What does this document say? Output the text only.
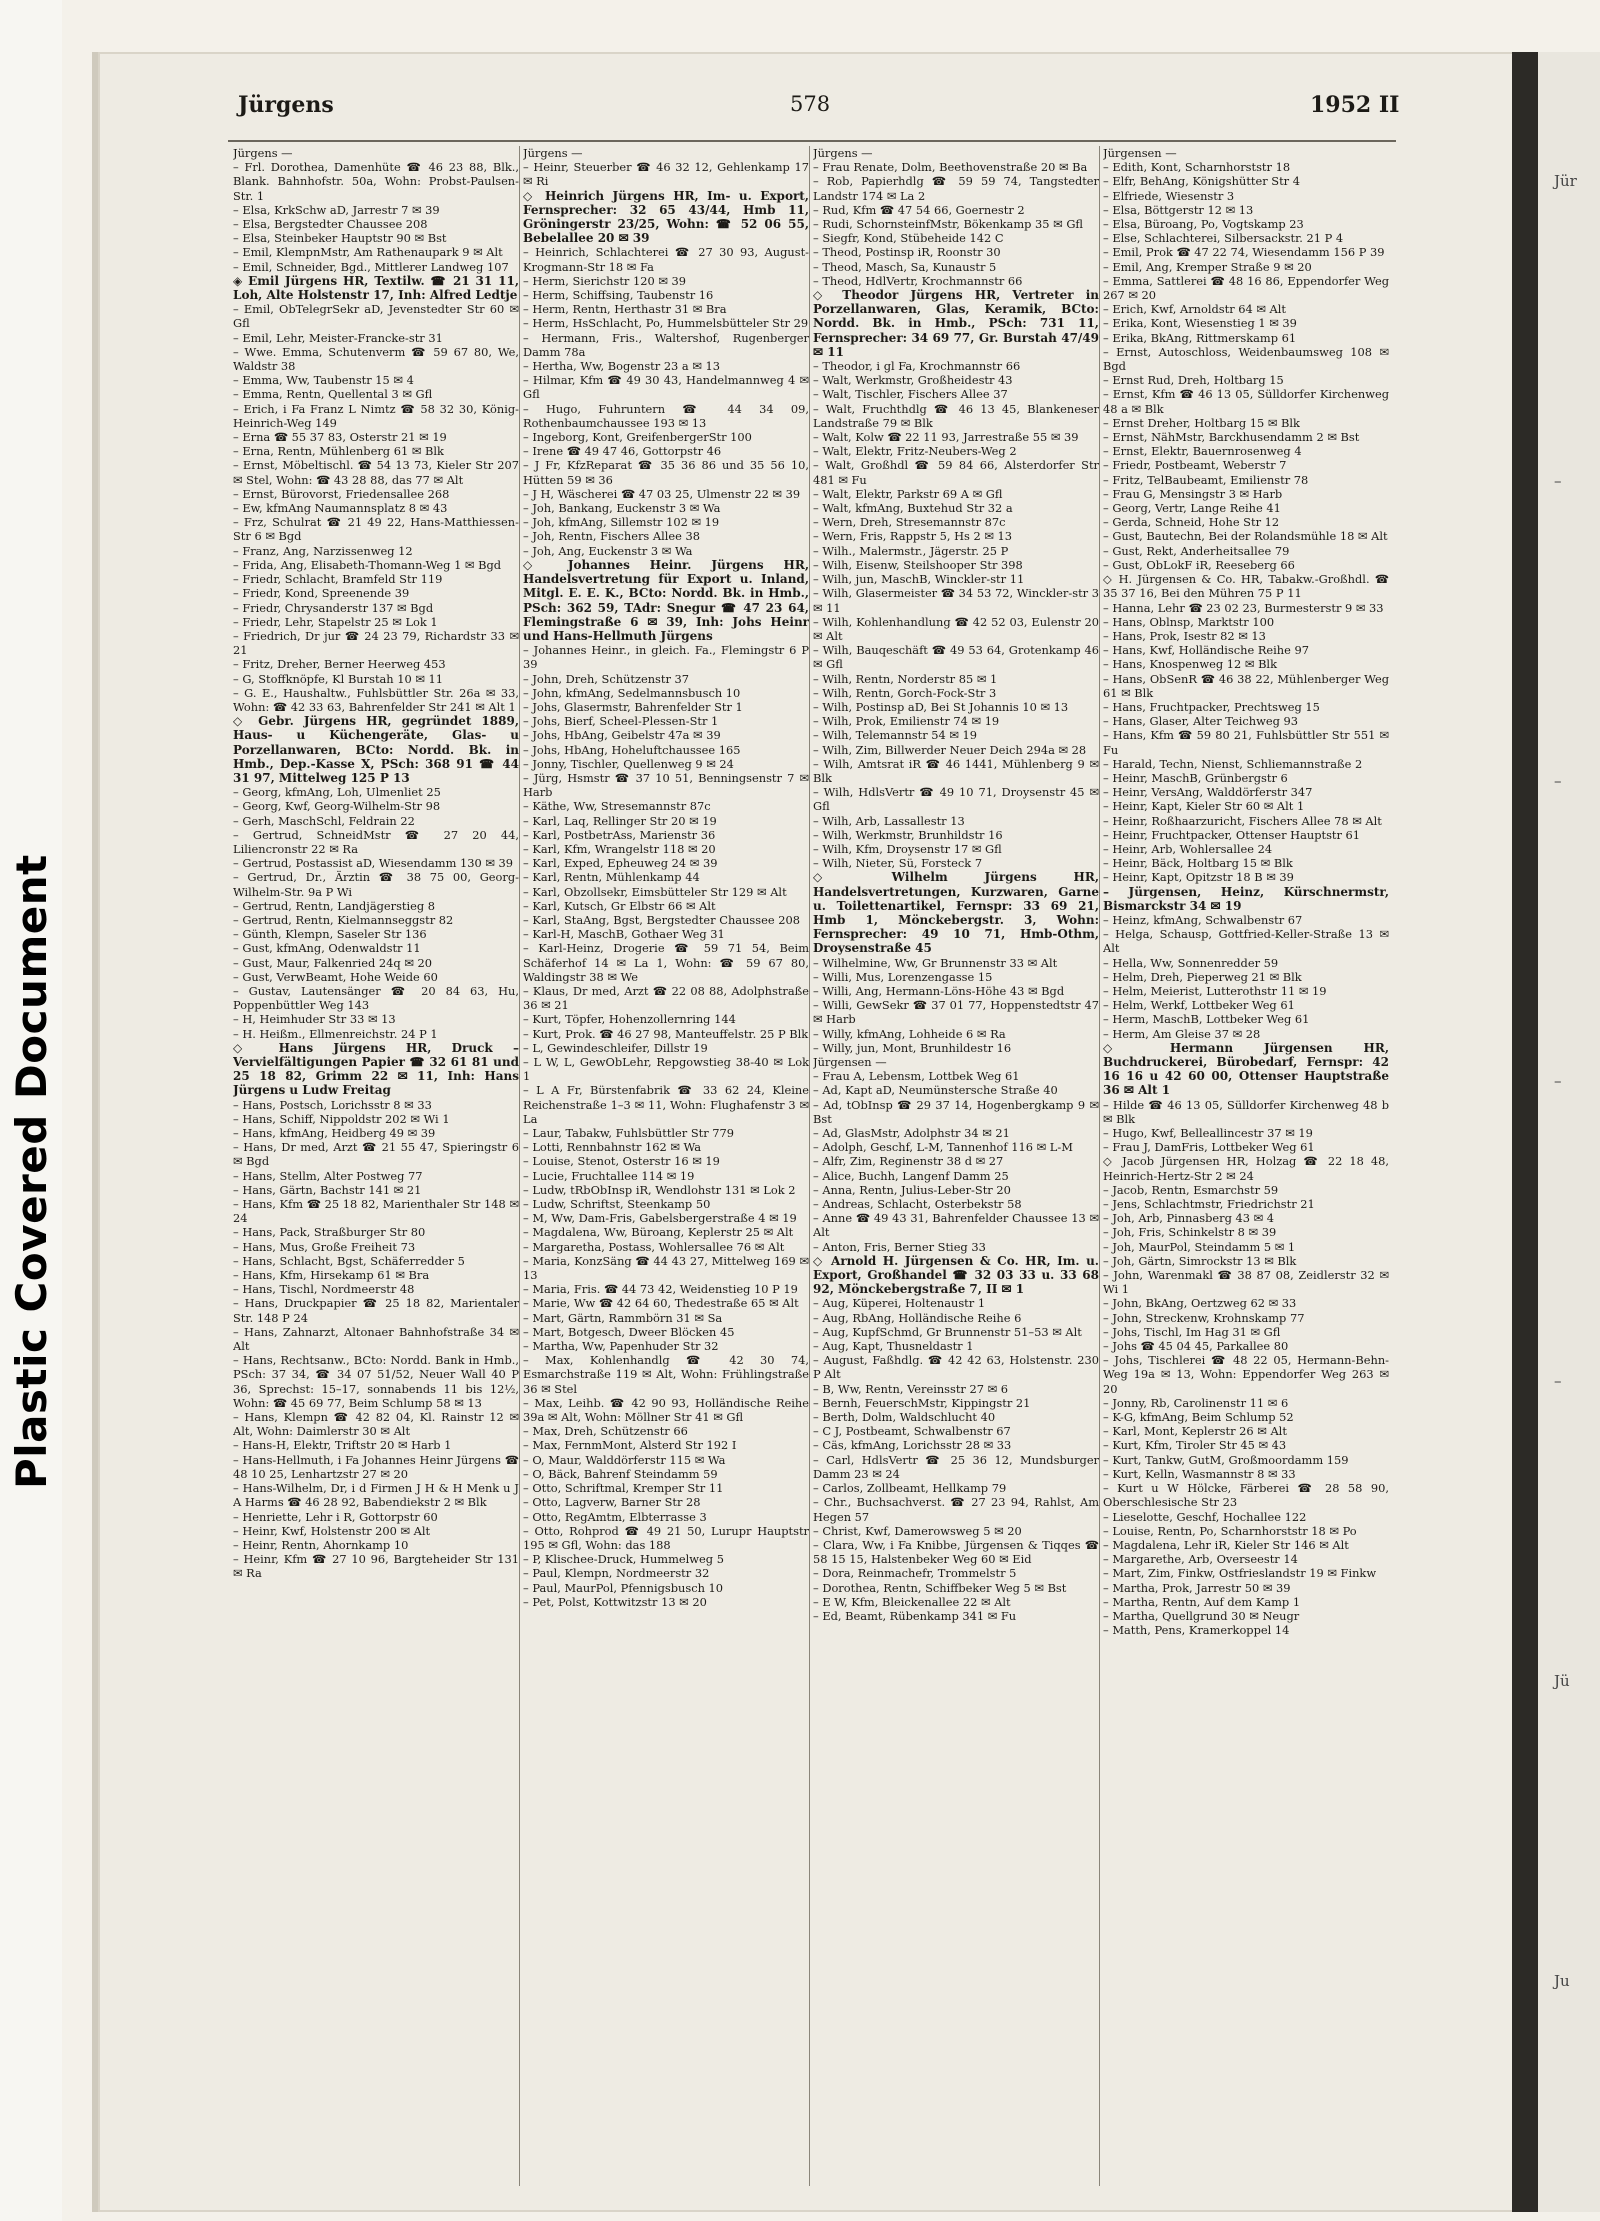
Plastic Covered Document
Jür
–
–
–
–
Jü
Ju
Jürgens	578	1952 II
Jürgens —
– Frl. Dorothea, Damenhüte ☎ 46 23 88, Blk., Blank. Bahnhofstr. 50a, Wohn: Probst-Paulsen-Str. 1
– Elsa, KrkSchw aD, Jarrestr 7 ✉ 39
– Elsa, Bergstedter Chaussee 208
– Elsa, Steinbeker Hauptstr 90 ✉ Bst
– Emil, KlempnMstr, Am Rathenaupark 9 ✉ Alt
– Emil, Schneider, Bgd., Mittlerer Landweg 107
◈ Emil Jürgens HR, Textilw. ☎ 21 31 11, Loh, Alte Holstenstr 17, Inh: Alfred Ledtje
– Emil, ObTelegrSekr aD, Jevenstedter Str 60 ✉ Gfl
– Emil, Lehr, Meister-Francke-str 31
– Wwe. Emma, Schutenverm ☎ 59 67 80, We, Waldstr 38
– Emma, Ww, Taubenstr 15 ✉ 4
– Emma, Rentn, Quellental 3 ✉ Gfl
– Erich, i Fa Franz L Nimtz ☎ 58 32 30, König-Heinrich-Weg 149
– Erna ☎ 55 37 83, Osterstr 21 ✉ 19
– Erna, Rentn, Mühlenberg 61 ✉ Blk
– Ernst, Möbeltischl. ☎ 54 13 73, Kieler Str 207 ✉ Stel, Wohn: ☎ 43 28 88, das 77 ✉ Alt
– Ernst, Bürovorst, Friedensallee 268
– Ew, kfmAng Naumannsplatz 8 ✉ 43
– Frz, Schulrat ☎ 21 49 22, Hans-Matthiessen-Str 6 ✉ Bgd
– Franz, Ang, Narzissenweg 12
– Frida, Ang, Elisabeth-Thomann-Weg 1 ✉ Bgd
– Friedr, Schlacht, Bramfeld Str 119
– Friedr, Kond, Spreenende 39
– Friedr, Chrysanderstr 137 ✉ Bgd
– Friedr, Lehr, Stapelstr 25 ✉ Lok 1
– Friedrich, Dr jur ☎ 24 23 79, Richardstr 33 ✉ 21
– Fritz, Dreher, Berner Heerweg 453
– G, Stoffknöpfe, Kl Burstah 10 ✉ 11
– G. E., Haushaltw., Fuhlsbüttler Str. 26a ✉ 33, Wohn: ☎ 42 33 63, Bahrenfelder Str 241 ✉ Alt 1
◇ Gebr. Jürgens HR, gegründet 1889, Haus- u Küchengeräte, Glas- u Porzellanwaren, BCto: Nordd. Bk. in Hmb., Dep.-Kasse X, PSch: 368 91 ☎ 44 31 97, Mittelweg 125 P 13
– Georg, kfmAng, Loh, Ulmenliet 25
– Georg, Kwf, Georg-Wilhelm-Str 98
– Gerh, MaschSchl, Feldrain 22
– Gertrud, SchneidMstr ☎ 27 20 44, Liliencronstr 22 ✉ Ra
– Gertrud, Postassist aD, Wiesendamm 130 ✉ 39
– Gertrud, Dr., Ärztin ☎ 38 75 00, Georg-Wilhelm-Str. 9a P Wi
– Gertrud, Rentn, Landjägerstieg 8
– Gertrud, Rentn, Kielmannseggstr 82
– Günth, Klempn, Saseler Str 136
– Gust, kfmAng, Odenwaldstr 11
– Gust, Maur, Falkenried 24q ✉ 20
– Gust, VerwBeamt, Hohe Weide 60
– Gustav, Lautensänger ☎ 20 84 63, Hu, Poppenbüttler Weg 143
– H, Heimhuder Str 33 ✉ 13
– H. Heißm., Ellmenreichstr. 24 P 1
◇ Hans Jürgens HR, Druck – Vervielfältigungen Papier ☎ 32 61 81 und 25 18 82, Grimm 22 ✉ 11, Inh: Hans Jürgens u Ludw Freitag
– Hans, Postsch, Lorichsstr 8 ✉ 33
– Hans, Schiff, Nippoldstr 202 ✉ Wi 1
– Hans, kfmAng, Heidberg 49 ✉ 39
– Hans, Dr med, Arzt ☎ 21 55 47, Spieringstr 6 ✉ Bgd
– Hans, Stellm, Alter Postweg 77
– Hans, Gärtn, Bachstr 141 ✉ 21
– Hans, Kfm ☎ 25 18 82, Marienthaler Str 148 ✉ 24
– Hans, Pack, Straßburger Str 80
– Hans, Mus, Große Freiheit 73
– Hans, Schlacht, Bgst, Schäferredder 5
– Hans, Kfm, Hirsekamp 61 ✉ Bra
– Hans, Tischl, Nordmeerstr 48
– Hans, Druckpapier ☎ 25 18 82, Marientaler Str. 148 P 24
– Hans, Zahnarzt, Altonaer Bahnhofstraße 34 ✉ Alt
– Hans, Rechtsanw., BCto: Nordd. Bank in Hmb., PSch: 37 34, ☎ 34 07 51/52, Neuer Wall 40 P 36, Sprechst: 15–17, sonnabends 11 bis 12½, Wohn: ☎ 45 69 77, Beim Schlump 58 ✉ 13
– Hans, Klempn ☎ 42 82 04, Kl. Rainstr 12 ✉ Alt, Wohn: Daimlerstr 30 ✉ Alt
– Hans-H, Elektr, Triftstr 20 ✉ Harb 1
– Hans-Hellmuth, i Fa Johannes Heinr Jürgens ☎ 48 10 25, Lenhartzstr 27 ✉ 20
– Hans-Wilhelm, Dr, i d Firmen J H & H Menk u J A Harms ☎ 46 28 92, Babendiekstr 2 ✉ Blk
– Henriette, Lehr i R, Gottorpstr 60
– Heinr, Kwf, Holstenstr 200 ✉ Alt
– Heinr, Rentn, Ahornkamp 10
– Heinr, Kfm ☎ 27 10 96, Bargteheider Str 131 ✉ Ra
Jürgens —
– Heinr, Steuerber ☎ 46 32 12, Gehlenkamp 17 ✉ Ri
◇ Heinrich Jürgens HR, Im- u. Export, Fernsprecher: 32 65 43/44, Hmb 11, Gröningerstr 23/25, Wohn: ☎ 52 06 55, Bebelallee 20 ✉ 39
– Heinrich, Schlachterei ☎ 27 30 93, August-Krogmann-Str 18 ✉ Fa
– Herm, Sierichstr 120 ✉ 39
– Herm, Schiffsing, Taubenstr 16
– Herm, Rentn, Herthastr 31 ✉ Bra
– Herm, HsSchlacht, Po, Hummelsbütteler Str 29
– Hermann, Fris., Waltershof, Rugenberger Damm 78a
– Hertha, Ww, Bogenstr 23 a ✉ 13
– Hilmar, Kfm ☎ 49 30 43, Handelmannweg 4 ✉ Gfl
– Hugo, Fuhruntern ☎ 44 34 09, Rothenbaumchaussee 193 ✉ 13
– Ingeborg, Kont, GreifenbergerStr 100
– Irene ☎ 49 47 46, Gottorpstr 46
– J Fr, KfzReparat ☎ 35 36 86 und 35 56 10, Hütten 59 ✉ 36
– J H, Wäscherei ☎ 47 03 25, Ulmenstr 22 ✉ 39
– Joh, Bankang, Euckenstr 3 ✉ Wa
– Joh, kfmAng, Sillemstr 102 ✉ 19
– Joh, Rentn, Fischers Allee 38
– Joh, Ang, Euckenstr 3 ✉ Wa
◇ Johannes Heinr. Jürgens HR, Handelsvertretung für Export u. Inland, Mitgl. E. E. K., BCto: Nordd. Bk. in Hmb., PSch: 362 59, TAdr: Snegur ☎ 47 23 64, Flemingstraße 6 ✉ 39, Inh: Johs Heinr und Hans-Hellmuth Jürgens
– Johannes Heinr., in gleich. Fa., Flemingstr 6 P 39
– John, Dreh, Schützenstr 37
– John, kfmAng, Sedelmannsbusch 10
– Johs, Glasermstr, Bahrenfelder Str 1
– Johs, Bierf, Scheel-Plessen-Str 1
– Johs, HbAng, Geibelstr 47a ✉ 39
– Johs, HbAng, Hoheluftchaussee 165
– Jonny, Tischler, Quellenweg 9 ✉ 24
– Jürg, Hsmstr ☎ 37 10 51, Benningsenstr 7 ✉ Harb
– Käthe, Ww, Stresemannstr 87c
– Karl, Laq, Rellinger Str 20 ✉ 19
– Karl, PostbetrAss, Marienstr 36
– Karl, Kfm, Wrangelstr 118 ✉ 20
– Karl, Exped, Epheuweg 24 ✉ 39
– Karl, Rentn, Mühlenkamp 44
– Karl, Obzollsekr, Eimsbütteler Str 129 ✉ Alt
– Karl, Kutsch, Gr Elbstr 66 ✉ Alt
– Karl, StaAng, Bgst, Bergstedter Chaussee 208
– Karl-H, MaschB, Gothaer Weg 31
– Karl-Heinz, Drogerie ☎ 59 71 54, Beim Schäferhof 14 ✉ La 1, Wohn: ☎ 59 67 80, Waldingstr 38 ✉ We
– Klaus, Dr med, Arzt ☎ 22 08 88, Adolphstraße 36 ✉ 21
– Kurt, Töpfer, Hohenzollernring 144
– Kurt, Prok. ☎ 46 27 98, Manteuffelstr. 25 P Blk
– L, Gewindeschleifer, Dillstr 19
– L W, L, GewObLehr, Repgowstieg 38-40 ✉ Lok 1
– L A Fr, Bürstenfabrik ☎ 33 62 24, Kleine Reichenstraße 1–3 ✉ 11, Wohn: Flughafenstr 3 ✉ La
– Laur, Tabakw, Fuhlsbüttler Str 779
– Lotti, Rennbahnstr 162 ✉ Wa
– Louise, Stenot, Osterstr 16 ✉ 19
– Lucie, Fruchtallee 114 ✉ 19
– Ludw, tRbObInsp iR, Wendlohstr 131 ✉ Lok 2
– Ludw, Schriftst, Steenkamp 50
– M, Ww, Dam-Fris, Gabelsbergerstraße 4 ✉ 19
– Magdalena, Ww, Büroang, Keplerstr 25 ✉ Alt
– Margaretha, Postass, Wohlersallee 76 ✉ Alt
– Maria, KonzSäng ☎ 44 43 27, Mittelweg 169 ✉ 13
– Maria, Fris. ☎ 44 73 42, Weidenstieg 10 P 19
– Marie, Ww ☎ 42 64 60, Thedestraße 65 ✉ Alt
– Mart, Gärtn, Rammbörn 31 ✉ Sa
– Mart, Botgesch, Dweer Blöcken 45
– Martha, Ww, Papenhuder Str 32
– Max, Kohlenhandlg ☎ 42 30 74, Esmarchstraße 119 ✉ Alt, Wohn: Frühlingstraße 36 ✉ Stel
– Max, Leihb. ☎ 42 90 93, Holländische Reihe 39a ✉ Alt, Wohn: Möllner Str 41 ✉ Gfl
– Max, Dreh, Schützenstr 66
– Max, FernmMont, Alsterd Str 192 I
– O, Maur, Walddörferstr 115 ✉ Wa
– O, Bäck, Bahrenf Steindamm 59
– Otto, Schriftmal, Kremper Str 11
– Otto, Lagverw, Barner Str 28
– Otto, RegAmtm, Elbterrasse 3
– Otto, Rohprod ☎ 49 21 50, Lurupr Hauptstr 195 ✉ Gfl, Wohn: das 188
– P, Klischee-Druck, Hummelweg 5
– Paul, Klempn, Nordmeerstr 32
– Paul, MaurPol, Pfennigsbusch 10
– Pet, Polst, Kottwitzstr 13 ✉ 20
Jürgens —
– Frau Renate, Dolm, Beethovenstraße 20 ✉ Ba
– Rob, Papierhdlg ☎ 59 59 74, Tangstedter Landstr 174 ✉ La 2
– Rud, Kfm ☎ 47 54 66, Goernestr 2
– Rudi, SchornsteinfMstr, Bökenkamp 35 ✉ Gfl
– Siegfr, Kond, Stübeheide 142 C
– Theod, Postinsp iR, Roonstr 30
– Theod, Masch, Sa, Kunaustr 5
– Theod, HdlVertr, Krochmannstr 66
◇ Theodor Jürgens HR, Vertreter in Porzellanwaren, Glas, Keramik, BCto: Nordd. Bk. in Hmb., PSch: 731 11, Fernsprecher: 34 69 77, Gr. Burstah 47/49 ✉ 11
– Theodor, i gl Fa, Krochmannstr 66
– Walt, Werkmstr, Großheidestr 43
– Walt, Tischler, Fischers Allee 37
– Walt, Fruchthdlg ☎ 46 13 45, Blankeneser Landstraße 79 ✉ Blk
– Walt, Kolw ☎ 22 11 93, Jarrestraße 55 ✉ 39
– Walt, Elektr, Fritz-Neubers-Weg 2
– Walt, Großhdl ☎ 59 84 66, Alsterdorfer Str 481 ✉ Fu
– Walt, Elektr, Parkstr 69 A ✉ Gfl
– Walt, kfmAng, Buxtehud Str 32 a
– Wern, Dreh, Stresemannstr 87c
– Wern, Fris, Rappstr 5, Hs 2 ✉ 13
– Wilh., Malermstr., Jägerstr. 25 P
– Wilh, Eisenw, Steilshooper Str 398
– Wilh, jun, MaschB, Winckler-str 11
– Wilh, Glasermeister ☎ 34 53 72, Winckler-str 3 ✉ 11
– Wilh, Kohlenhandlung ☎ 42 52 03, Eulenstr 20 ✉ Alt
– Wilh, Bauqeschäft ☎ 49 53 64, Grotenkamp 46 ✉ Gfl
– Wilh, Rentn, Norderstr 85 ✉ 1
– Wilh, Rentn, Gorch-Fock-Str 3
– Wilh, Postinsp aD, Bei St Johannis 10 ✉ 13
– Wilh, Prok, Emilienstr 74 ✉ 19
– Wilh, Telemannstr 54 ✉ 19
– Wilh, Zim, Billwerder Neuer Deich 294a ✉ 28
– Wilh, Amtsrat iR ☎ 46 1441, Mühlenberg 9 ✉ Blk
– Wilh, HdlsVertr ☎ 49 10 71, Droysenstr 45 ✉ Gfl
– Wilh, Arb, Lassallestr 13
– Wilh, Werkmstr, Brunhildstr 16
– Wilh, Kfm, Droysenstr 17 ✉ Gfl
– Wilh, Nieter, Sü, Forsteck 7
◇ Wilhelm Jürgens HR, Handelsvertretungen, Kurzwaren, Garne u. Toilettenartikel, Fernspr: 33 69 21, Hmb 1, Mönckebergstr. 3, Wohn: Fernsprecher: 49 10 71, Hmb-Othm, Droysenstraße 45
– Wilhelmine, Ww, Gr Brunnenstr 33 ✉ Alt
– Willi, Mus, Lorenzengasse 15
– Willi, Ang, Hermann-Löns-Höhe 43 ✉ Bgd
– Willi, GewSekr ☎ 37 01 77, Hoppenstedtstr 47 ✉ Harb
– Willy, kfmAng, Lohheide 6 ✉ Ra
– Willy, jun, Mont, Brunhildestr 16
Jürgensen —
– Frau A, Lebensm, Lottbek Weg 61
– Ad, Kapt aD, Neumünstersche Straße 40
– Ad, tObInsp ☎ 29 37 14, Hogenbergkamp 9 ✉ Bst
– Ad, GlasMstr, Adolphstr 34 ✉ 21
– Adolph, Geschf, L-M, Tannenhof 116 ✉ L-M
– Alfr, Zim, Reginenstr 38 d ✉ 27
– Alice, Buchh, Langenf Damm 25
– Anna, Rentn, Julius-Leber-Str 20
– Andreas, Schlacht, Osterbekstr 58
– Anne ☎ 49 43 31, Bahrenfelder Chaussee 13 ✉ Alt
– Anton, Fris, Berner Stieg 33
◇ Arnold H. Jürgensen & Co. HR, Im. u. Export, Großhandel ☎ 32 03 33 u. 33 68 92, Mönckebergstraße 7, II ✉ 1
– Aug, Küperei, Holtenaustr 1
– Aug, RbAng, Holländische Reihe 6
– Aug, KupfSchmd, Gr Brunnenstr 51–53 ✉ Alt
– Aug, Kapt, Thusneldastr 1
– August, Faßhdlg. ☎ 42 42 63, Holstenstr. 230 P Alt
– B, Ww, Rentn, Vereinsstr 27 ✉ 6
– Bernh, FeuerschMstr, Kippingstr 21
– Berth, Dolm, Waldschlucht 40
– C J, Postbeamt, Schwalbenstr 67
– Cäs, kfmAng, Lorichsstr 28 ✉ 33
– Carl, HdlsVertr ☎ 25 36 12, Mundsburger Damm 23 ✉ 24
– Carlos, Zollbeamt, Hellkamp 79
– Chr., Buchsachverst. ☎ 27 23 94, Rahlst, Am Hegen 57
– Christ, Kwf, Damerowsweg 5 ✉ 20
– Clara, Ww, i Fa Knibbe, Jürgensen & Tiqqes ☎ 58 15 15, Halstenbeker Weg 60 ✉ Eid
– Dora, Reinmachefr, Trommelstr 5
– Dorothea, Rentn, Schiffbeker Weg 5 ✉ Bst
– E W, Kfm, Bleickenallee 22 ✉ Alt
– Ed, Beamt, Rübenkamp 341 ✉ Fu
Jürgensen —
– Edith, Kont, Scharnhorststr 18
– Elfr, BehAng, Königshütter Str 4
– Elfriede, Wiesenstr 3
– Elsa, Böttgerstr 12 ✉ 13
– Elsa, Büroang, Po, Vogtskamp 23
– Else, Schlachterei, Silbersackstr. 21 P 4
– Emil, Prok ☎ 47 22 74, Wiesendamm 156 P 39
– Emil, Ang, Kremper Straße 9 ✉ 20
– Emma, Sattlerei ☎ 48 16 86, Eppendorfer Weg 267 ✉ 20
– Erich, Kwf, Arnoldstr 64 ✉ Alt
– Erika, Kont, Wiesenstieg 1 ✉ 39
– Erika, BkAng, Rittmerskamp 61
– Ernst, Autoschloss, Weidenbaumsweg 108 ✉ Bgd
– Ernst Rud, Dreh, Holtbarg 15
– Ernst, Kfm ☎ 46 13 05, Sülldorfer Kirchenweg 48 a ✉ Blk
– Ernst Dreher, Holtbarg 15 ✉ Blk
– Ernst, NähMstr, Barckhusendamm 2 ✉ Bst
– Ernst, Elektr, Bauernrosenweg 4
– Friedr, Postbeamt, Weberstr 7
– Fritz, TelBaubeamt, Emilienstr 78
– Frau G, Mensingstr 3 ✉ Harb
– Georg, Vertr, Lange Reihe 41
– Gerda, Schneid, Hohe Str 12
– Gust, Bautechn, Bei der Rolandsmühle 18 ✉ Alt
– Gust, Rekt, Anderheitsallee 79
– Gust, ObLokF iR, Reeseberg 66
◇ H. Jürgensen & Co. HR, Tabakw.-Großhdl. ☎ 35 37 16, Bei den Mühren 75 P 11
– Hanna, Lehr ☎ 23 02 23, Burmesterstr 9 ✉ 33
– Hans, Oblnsp, Marktstr 100
– Hans, Prok, Isestr 82 ✉ 13
– Hans, Kwf, Holländische Reihe 97
– Hans, Knospenweg 12 ✉ Blk
– Hans, ObSenR ☎ 46 38 22, Mühlenberger Weg 61 ✉ Blk
– Hans, Fruchtpacker, Prechtsweg 15
– Hans, Glaser, Alter Teichweg 93
– Hans, Kfm ☎ 59 80 21, Fuhlsbüttler Str 551 ✉ Fu
– Harald, Techn, Nienst, Schliemannstraße 2
– Heinr, MaschB, Grünbergstr 6
– Heinr, VersAng, Walddörferstr 347
– Heinr, Kapt, Kieler Str 60 ✉ Alt 1
– Heinr, Roßhaarzuricht, Fischers Allee 78 ✉ Alt
– Heinr, Fruchtpacker, Ottenser Hauptstr 61
– Heinr, Arb, Wohlersallee 24
– Heinr, Bäck, Holtbarg 15 ✉ Blk
– Heinr, Kapt, Opitzstr 18 B ✉ 39
– Jürgensen, Heinz, Kürschnermstr, Bismarckstr 34 ✉ 19
– Heinz, kfmAng, Schwalbenstr 67
– Helga, Schausp, Gottfried-Keller-Straße 13 ✉ Alt
– Hella, Ww, Sonnenredder 59
– Helm, Dreh, Pieperweg 21 ✉ Blk
– Helm, Meierist, Lutterothstr 11 ✉ 19
– Helm, Werkf, Lottbeker Weg 61
– Herm, MaschB, Lottbeker Weg 61
– Herm, Am Gleise 37 ✉ 28
◇ Hermann Jürgensen HR, Buchdruckerei, Bürobedarf, Fernspr: 42 16 16 u 42 60 00, Ottenser Hauptstraße 36 ✉ Alt 1
– Hilde ☎ 46 13 05, Sülldorfer Kirchenweg 48 b ✉ Blk
– Hugo, Kwf, Belleallincestr 37 ✉ 19
– Frau J, DamFris, Lottbeker Weg 61
◇ Jacob Jürgensen HR, Holzag ☎ 22 18 48, Heinrich-Hertz-Str 2 ✉ 24
– Jacob, Rentn, Esmarchstr 59
– Jens, Schlachtmstr, Friedrichstr 21
– Joh, Arb, Pinnasberg 43 ✉ 4
– Joh, Fris, Schinkelstr 8 ✉ 39
– Joh, MaurPol, Steindamm 5 ✉ 1
– Joh, Gärtn, Simrockstr 13 ✉ Blk
– John, Warenmakl ☎ 38 87 08, Zeidlerstr 32 ✉ Wi 1
– John, BkAng, Oertzweg 62 ✉ 33
– John, Streckenw, Krohnskamp 77
– Johs, Tischl, Im Hag 31 ✉ Gfl
– Johs ☎ 45 04 45, Parkallee 80
– Johs, Tischlerei ☎ 48 22 05, Hermann-Behn-Weg 19a ✉ 13, Wohn: Eppendorfer Weg 263 ✉ 20
– Jonny, Rb, Carolinenstr 11 ✉ 6
– K-G, kfmAng, Beim Schlump 52
– Karl, Mont, Keplerstr 26 ✉ Alt
– Kurt, Kfm, Tiroler Str 45 ✉ 43
– Kurt, Tankw, GutM, Großmoordamm 159
– Kurt, Kelln, Wasmannstr 8 ✉ 33
– Kurt u W Hölcke, Färberei ☎ 28 58 90, Oberschlesische Str 23
– Lieselotte, Geschf, Hochallee 122
– Louise, Rentn, Po, Scharnhorststr 18 ✉ Po
– Magdalena, Lehr iR, Kieler Str 146 ✉ Alt
– Margarethe, Arb, Overseestr 14
– Mart, Zim, Finkw, Ostfrieslandstr 19 ✉ Finkw
– Martha, Prok, Jarrestr 50 ✉ 39
– Martha, Rentn, Auf dem Kamp 1
– Martha, Quellgrund 30 ✉ Neugr
– Matth, Pens, Kramerkoppel 14
